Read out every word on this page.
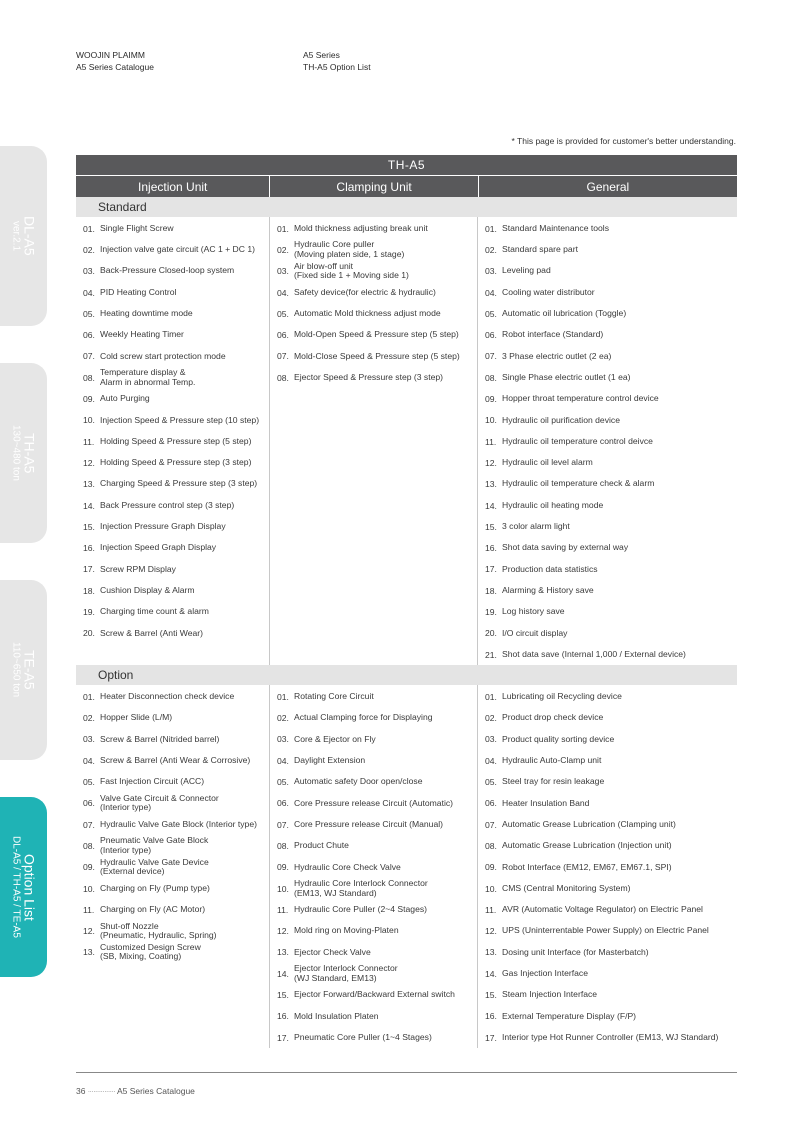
WOOJIN PLAIMM
A5 Series Catalogue
A5 Series
TH-A5 Option List
DL-A5
ver.2.1
TH-A5
130~480 ton
TE-A5
110~650 ton
Option List
DL-A5 / TH-A5 / TE-A5
* This page is provided for customer's better understanding.
TH-A5
Injection Unit	Clamping Unit	General
Standard
01. Single Flight Screw
02. Injection valve gate circuit (AC 1 + DC 1)
03. Back-Pressure Closed-loop system
04. PID Heating Control
05. Heating downtime mode
06. Weekly Heating Timer
07. Cold screw start protection mode
08.
Temperature display &
Alarm in abnormal Temp.
09. Auto Purging
10. Injection Speed & Pressure step (10 step)
11. Holding Speed & Pressure step (5 step)
12. Holding Speed & Pressure step (3 step)
13. Charging Speed & Pressure step (3 step)
14. Back Pressure control step (3 step)
15. Injection Pressure Graph Display
16. Injection Speed Graph Display
17. Screw RPM Display
18. Cushion Display & Alarm
19. Charging time count & alarm
20. Screw & Barrel (Anti Wear)
01. Mold thickness adjusting break unit
02.
Hydraulic Core puller
(Moving platen side, 1 stage)
03.
Air blow-off unit
(Fixed side 1 + Moving side 1)
04. Safety device(for electric & hydraulic)
05. Automatic Mold thickness adjust mode
06. Mold-Open Speed & Pressure step (5 step)
07. Mold-Close Speed & Pressure step (5 step)
08. Ejector Speed & Pressure step (3 step)
01. Standard Maintenance tools
02. Standard spare part
03. Leveling pad
04. Cooling water distributor
05. Automatic oil lubrication (Toggle)
06. Robot interface (Standard)
07. 3 Phase electric outlet (2 ea)
08. Single Phase electric outlet (1 ea)
09. Hopper throat temperature control device
10. Hydraulic oil purification device
11. Hydraulic oil temperature control deivce
12. Hydraulic oil level alarm
13. Hydraulic oil temperature check & alarm
14. Hydraulic oil heating mode
15. 3 color alarm light
16. Shot data saving by external way
17. Production data statistics
18. Alarming & History save
19. Log history save
20. I/O circuit display
21. Shot data save (Internal 1,000 / External device)
Option
01. Heater Disconnection check device
02. Hopper Slide (L/M)
03. Screw & Barrel (Nitrided barrel)
04. Screw & Barrel (Anti Wear & Corrosive)
05. Fast Injection Circuit (ACC)
06.
Valve Gate Circuit & Connector
(Interior type)
07. Hydraulic Valve Gate Block (Interior type)
08.
Pneumatic Valve Gate Block
(Interior type)
09.
Hydraulic Valve Gate Device
(External device)
10. Charging on Fly (Pump type)
11. Charging on Fly (AC Motor)
12.
Shut-off Nozzle
(Pneumatic, Hydraulic, Spring)
13.
Customized Design Screw
(SB, Mixing, Coating)
01. Rotating Core Circuit
02. Actual Clamping force for Displaying
03. Core & Ejector on Fly
04. Daylight Extension
05. Automatic safety Door open/close
06. Core Pressure release Circuit (Automatic)
07. Core Pressure release Circuit (Manual)
08. Product Chute
09. Hydraulic Core Check Valve
10.
Hydraulic Core Interlock Connector
(EM13, WJ Standard)
11. Hydraulic Core Puller (2~4 Stages)
12. Mold ring on Moving-Platen
13. Ejector Check Valve
14.
Ejector Interlock Connector
(WJ Standard, EM13)
15. Ejector Forward/Backward External switch
16. Mold Insulation Platen
17. Pneumatic Core Puller (1~4 Stages)
01. Lubricating oil Recycling device
02. Product drop check device
03. Product quality sorting device
04. Hydraulic Auto-Clamp unit
05. Steel tray for resin leakage
06. Heater Insulation Band
07. Automatic Grease Lubrication (Clamping unit)
08. Automatic Grease Lubrication (Injection unit)
09. Robot Interface (EM12, EM67, EM67.1, SPI)
10. CMS (Central Monitoring System)
11. AVR (Automatic Voltage Regulator) on Electric Panel
12. UPS (Uninterrentable Power Supply) on Electric Panel
13. Dosing unit Interface (for Masterbatch)
14. Gas Injection Interface
15. Steam Injection Interface
16. External Temperature Display (F/P)
17. Interior type Hot Runner Controller (EM13, WJ Standard)
36 ··············· A5 Series Catalogue
